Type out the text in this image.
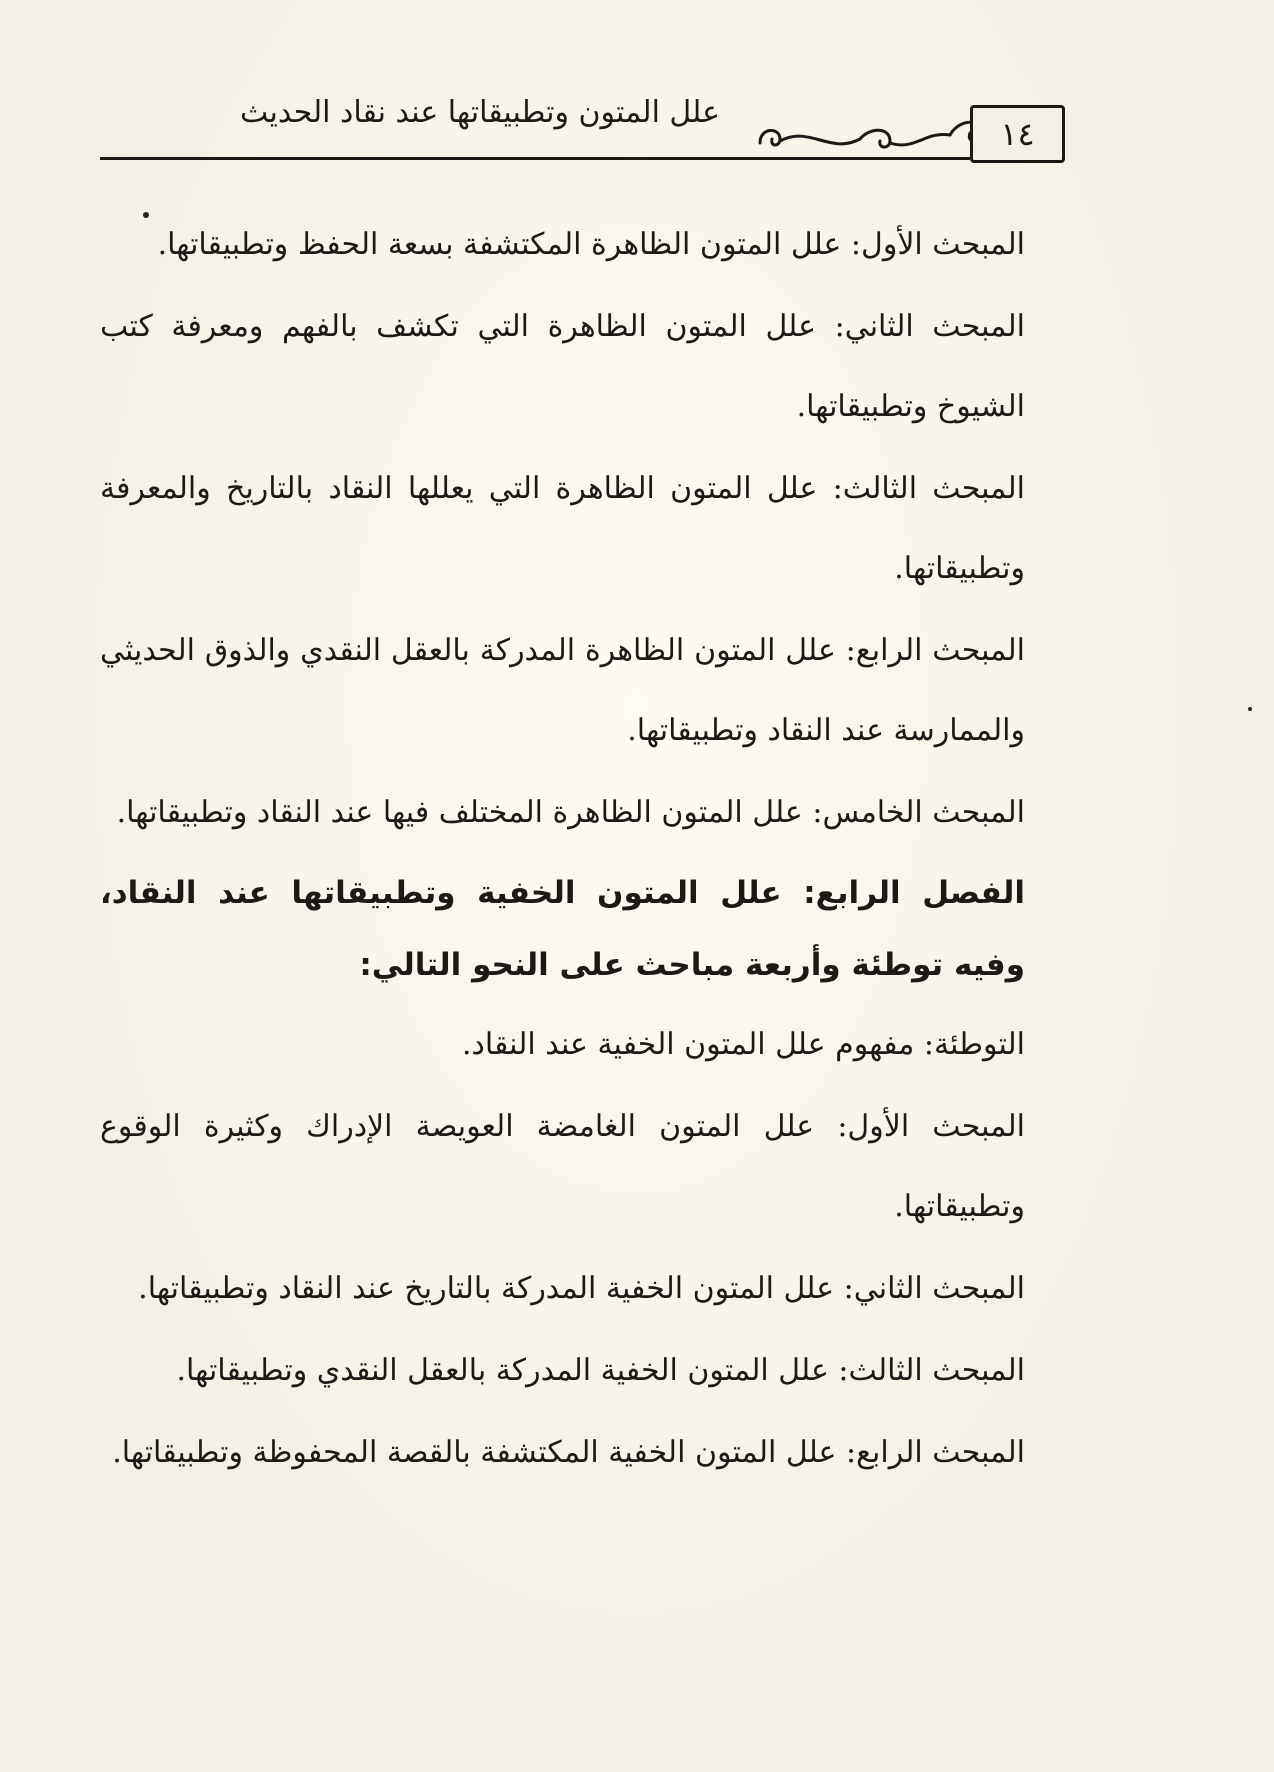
علل المتون وتطبيقاتها عند نقاد الحديث
١٤

المبحث الأول: علل المتون الظاهرة المكتشفة بسعة الحفظ وتطبيقاتها.

المبحث الثاني: علل المتون الظاهرة التي تكشف بالفهم ومعرفة كتب الشيوخ وتطبيقاتها.

المبحث الثالث: علل المتون الظاهرة التي يعللها النقاد بالتاريخ والمعرفة وتطبيقاتها.

المبحث الرابع: علل المتون الظاهرة المدركة بالعقل النقدي والذوق الحديثي والممارسة عند النقاد وتطبيقاتها.

المبحث الخامس: علل المتون الظاهرة المختلف فيها عند النقاد وتطبيقاتها.

الفصل الرابع: علل المتون الخفية وتطبيقاتها عند النقاد، وفيه توطئة وأربعة مباحث على النحو التالي:

التوطئة: مفهوم علل المتون الخفية عند النقاد.

المبحث الأول: علل المتون الغامضة العويصة الإدراك وكثيرة الوقوع وتطبيقاتها.

المبحث الثاني: علل المتون الخفية المدركة بالتاريخ عند النقاد وتطبيقاتها.

المبحث الثالث: علل المتون الخفية المدركة بالعقل النقدي وتطبيقاتها.

المبحث الرابع: علل المتون الخفية المكتشفة بالقصة المحفوظة وتطبيقاتها.
